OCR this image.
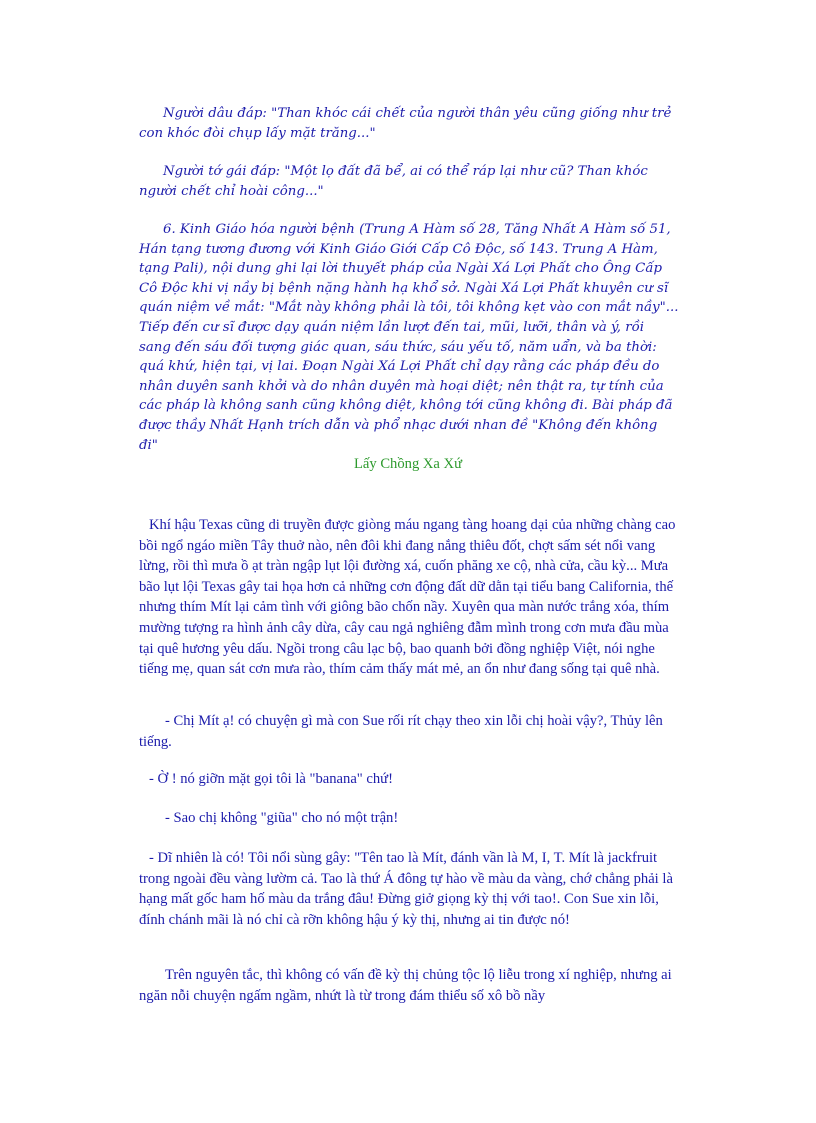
Người dâu đáp: "Than khóc cái chết của người thân yêu cũng giống như trẻ con khóc đòi chụp lấy mặt trăng..."

Người tớ gái đáp: "Một lọ đất đã bể, ai có thể ráp lại như cũ? Than khóc người chết chỉ hoài công..."

6. Kinh Giáo hóa người bệnh (Trung A Hàm số 28, Tăng Nhất A Hàm số 51, Hán tạng tương đương với Kinh Giáo Giới Cấp Cô Độc, số 143. Trung A Hàm, tạng Pali), nội dung ghi lại lời thuyết pháp của Ngài Xá Lợi Phất cho Ông Cấp Cô Độc khi vị nầy bị bệnh nặng hành hạ khổ sở. Ngài Xá Lợi Phất khuyên cư sĩ quán niệm về mắt: "Mắt này không phải là tôi, tôi không kẹt vào con mắt nầy"... Tiếp đến cư sĩ được dạy quán niệm lần lượt đến tai, mũi, lưỡi, thân và ý, rồi sang đến sáu đối tượng giác quan, sáu thức, sáu yếu tố, năm uẩn, và ba thời: quá khứ, hiện tại, vị lai. Đoạn Ngài Xá Lợi Phất chỉ dạy rằng các pháp đều do nhân duyên sanh khởi và do nhân duyên mà hoại diệt; nên thật ra, tự tính của các pháp là không sanh cũng không diệt, không tới cũng không đi. Bài pháp đã được thầy Nhất Hạnh trích dẫn và phổ nhạc dưới nhan đề "Không đến không đi"

Lấy Chồng Xa Xứ

Khí hậu Texas cũng di truyền được giòng máu ngang tàng hoang dại của những chàng cao bồi ngổ ngáo miền Tây thuở nào, nên đôi khi đang nắng thiêu đốt, chợt sấm sét nổi vang lừng, rồi thì mưa ồ ạt tràn ngập lụt lội đường xá, cuốn phăng xe cộ, nhà cửa, cầu kỳ... Mưa bão lụt lội Texas gây tai họa hơn cả những cơn động đất dữ dằn tại tiểu bang California, thế nhưng thím Mít lại cảm tình với giông bão chốn nầy. Xuyên qua màn nước trắng xóa, thím mường tượng ra hình ảnh cây dừa, cây cau ngả nghiêng đẫm mình trong cơn mưa đầu mùa tại quê hương yêu dấu. Ngồi trong câu lạc bộ, bao quanh bởi đồng nghiệp Việt, nói nghe tiếng mẹ, quan sát cơn mưa rào, thím cảm thấy mát mẻ, an ổn như đang sống tại quê nhà.

- Chị Mít ạ! có chuyện gì mà con Sue rối rít chạy theo xin lỗi chị hoài vậy?, Thủy lên tiếng.

- Ờ ! nó giỡn mặt gọi tôi là "banana" chứ!

- Sao chị không "giũa" cho nó một trận!

- Dĩ nhiên là có! Tôi nổi sùng gây: "Tên tao là Mít, đánh vần là M, I, T. Mít là jackfruit trong ngoài đều vàng lườm cả. Tao là thứ Á đông tự hào về màu da vàng, chớ chẳng phải là hạng mất gốc ham hố màu da trắng đâu! Đừng giở giọng kỳ thị với tao!. Con Sue xin lỗi, đính chánh mãi là nó chỉ cà rỡn không hậu ý kỳ thị, nhưng ai tin được nó!

Trên nguyên tắc, thì không có vấn đề kỳ thị chủng tộc lộ liễu trong xí nghiệp, nhưng ai ngăn nỗi chuyện ngấm ngầm, nhứt là từ trong đám thiểu số xô bồ nầy
